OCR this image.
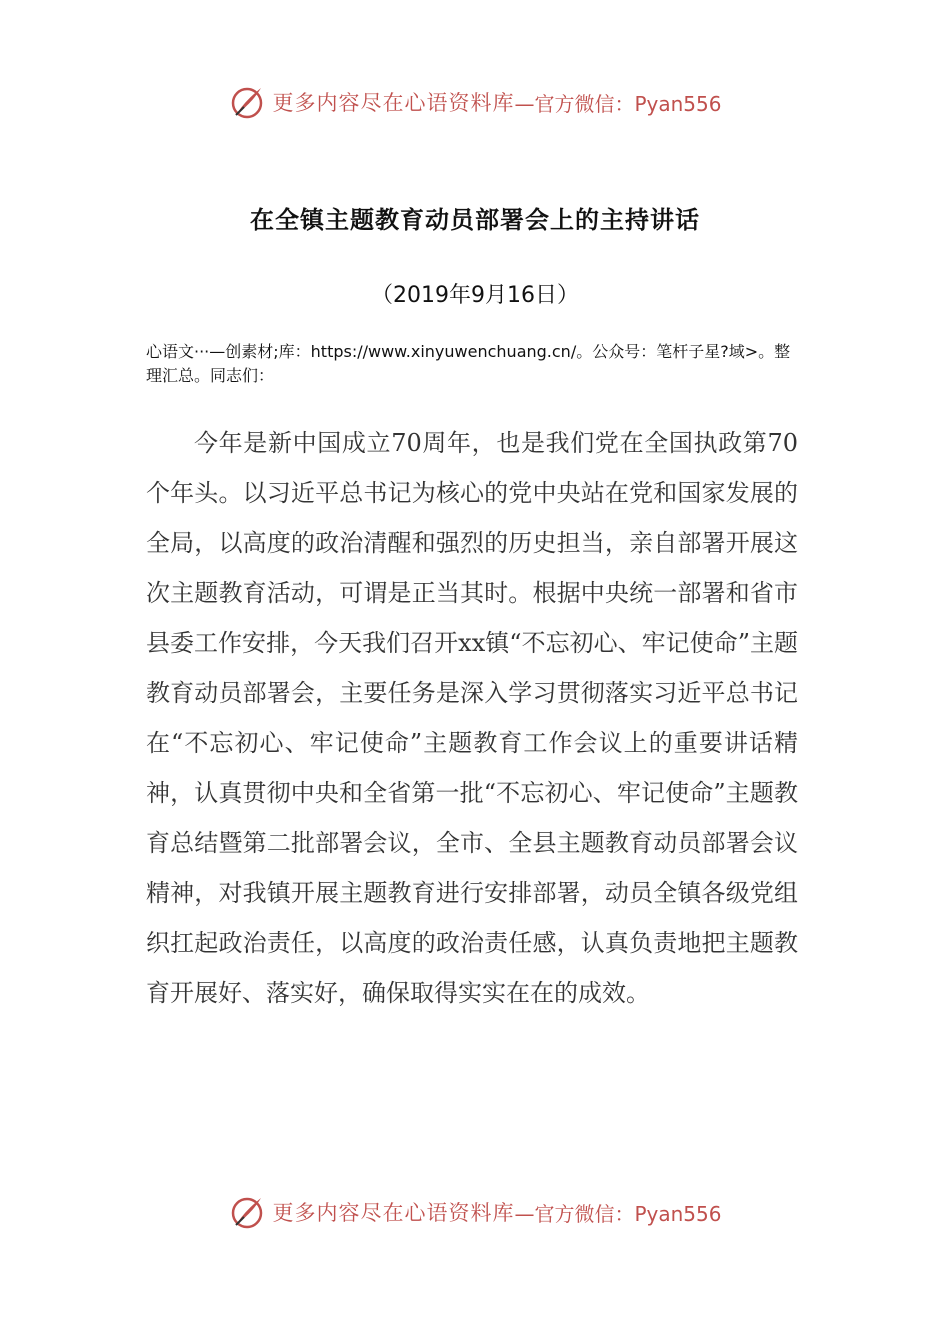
更多内容尽在心语资料库 —官方微信：Pyan556
在全镇主题教育动员部署会上的主持讲话
（2019年9月16日）
心语文···—创素材;库：https://www.xinyuwenchuang.cn/。公众号：笔杆子星?域>。整理汇总。同志们：

今年是新中国成立70周年，也是我们党在全国执政第70个年头。以习近平总书记为核心的党中央站在党和国家发展的全局，以高度的政治清醒和强烈的历史担当，亲自部署开展这次主题教育活动，可谓是正当其时。根据中央统一部署和省市县委工作安排，今天我们召开xx镇“不忘初心、牢记使命”主题教育动员部署会，主要任务是深入学习贯彻落实习近平总书记在“不忘初心、牢记使命”主题教育工作会议上的重要讲话精神，认真贯彻中央和全省第一批“不忘初心、牢记使命”主题教育总结暨第二批部署会议，全市、全县主题教育动员部署会议精神，对我镇开展主题教育进行安排部署，动员全镇各级党组织扛起政治责任，以高度的政治责任感，认真负责地把主题教育开展好、落实好，确保取得实实在在的成效。

更多内容尽在心语资料库 —官方微信：Pyan556
